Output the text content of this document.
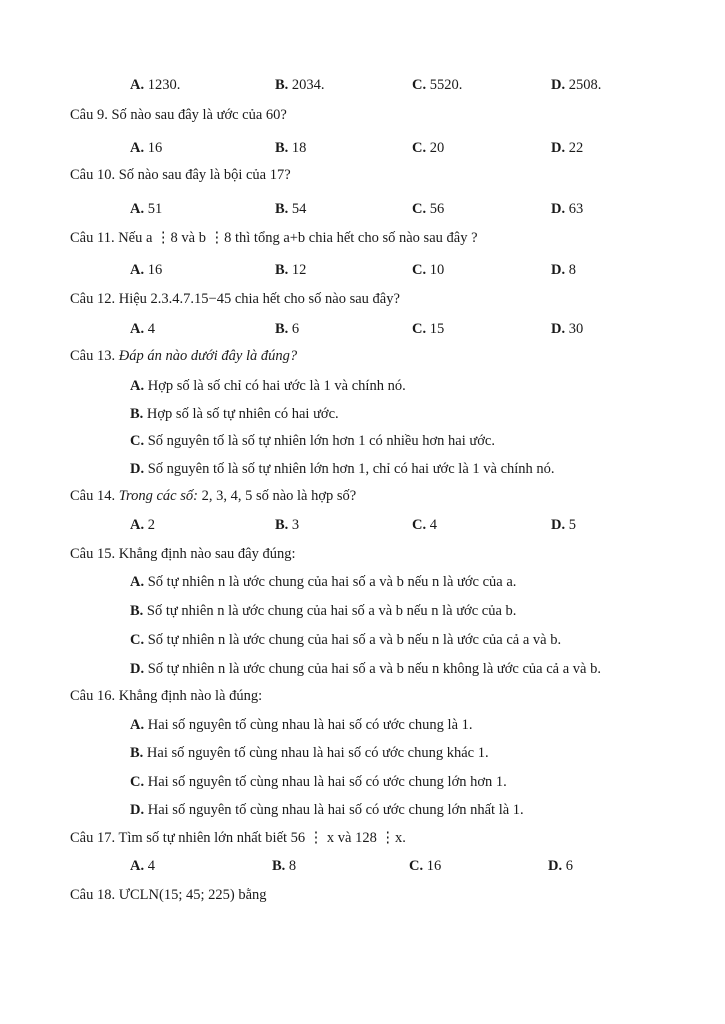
A. 1230.	B. 2034.	C. 5520.	D. 2508.
Câu 9. Số nào sau đây là ước của 60?
A. 16	B. 18	C. 20	D. 22
Câu 10. Số nào sau đây là bội của 17?
A. 51	B. 54	C. 56	D. 63
Câu 11. Nếu a ⋮8 và b ⋮8 thì tổng a+b chia hết cho số nào sau đây ?
A. 16	B. 12	C. 10	D. 8
Câu 12. Hiệu 2.3.4.7.15−45 chia hết cho số nào sau đây?
A. 4	B. 6	C. 15	D. 30
Câu 13. Đáp án nào dưới đây là đúng?
A. Hợp số là số chỉ có hai ước là 1 và chính nó.
B. Hợp số là số tự nhiên có hai ước.
C. Số nguyên tố là số tự nhiên lớn hơn 1 có nhiều hơn hai ước.
D. Số nguyên tố là số tự nhiên lớn hơn 1, chỉ có hai ước là 1 và chính nó.
Câu 14. Trong các số: 2, 3, 4, 5 số nào là hợp số?
A. 2	B. 3	C. 4	D. 5
Câu 15. Khẳng định nào sau đây đúng:
A. Số tự nhiên n là ước chung của hai số a và b nếu n là ước của a.
B. Số tự nhiên n là ước chung của hai số a và b nếu n là ước của b.
C. Số tự nhiên n là ước chung của hai số a và b nếu n là ước của cả a và b.
D. Số tự nhiên n là ước chung của hai số a và b nếu n không là ước của cả a và b.
Câu 16. Khẳng định nào là đúng:
A. Hai số nguyên tố cùng nhau là hai số có ước chung là 1.
B. Hai số nguyên tố cùng nhau là hai số có ước chung khác 1.
C. Hai số nguyên tố cùng nhau là hai số có ước chung lớn hơn 1.
D. Hai số nguyên tố cùng nhau là hai số có ước chung lớn nhất là 1.
Câu 17. Tìm số tự nhiên lớn nhất biết 56 ⋮ x và 128 ⋮x.
A. 4	B. 8	C. 16	D. 6
Câu 18. ƯCLN(15; 45; 225) bằng
